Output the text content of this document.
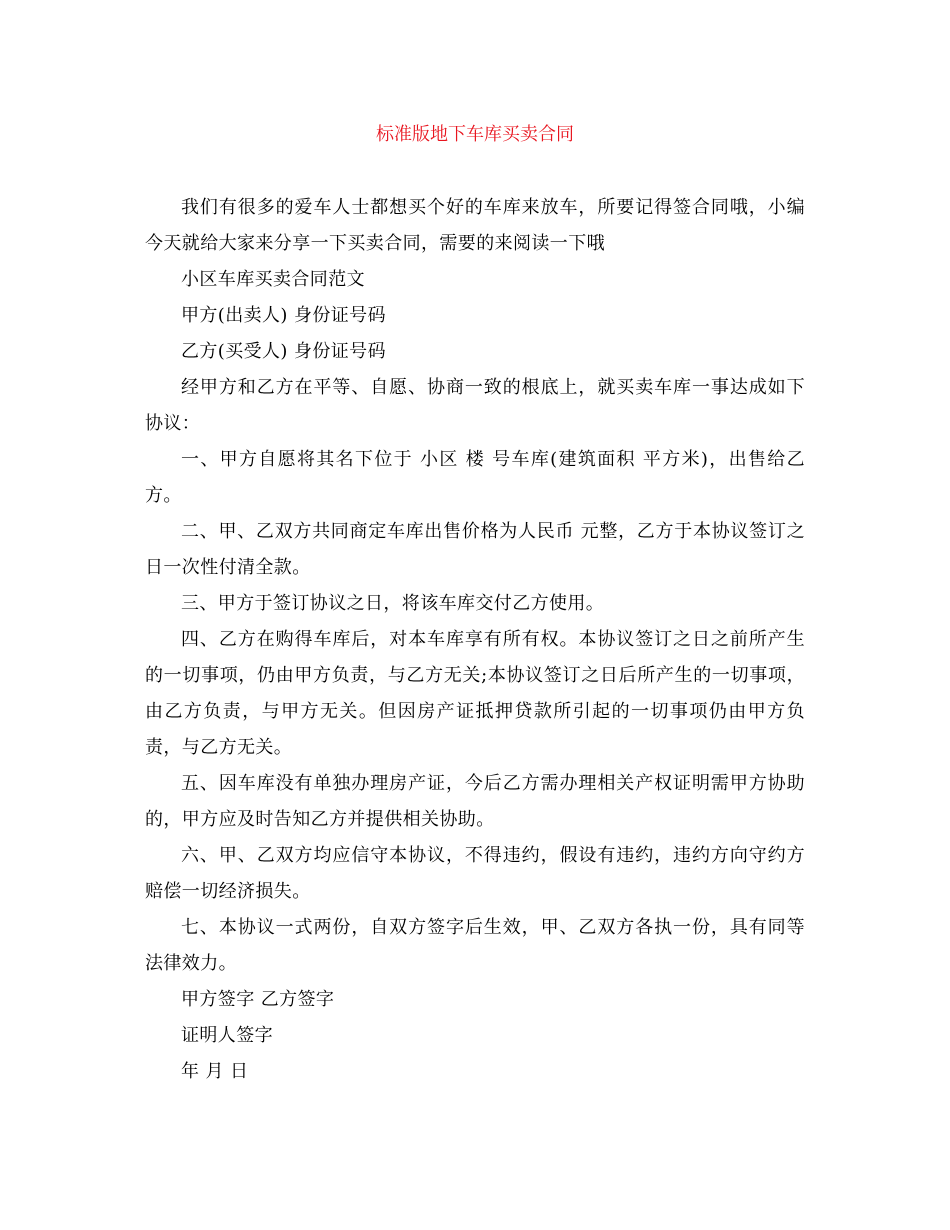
标准版地下车库买卖合同

我们有很多的爱车人士都想买个好的车库来放车，所要记得签合同哦，小编今天就给大家来分享一下买卖合同，需要的来阅读一下哦

小区车库买卖合同范文

甲方(出卖人) 身份证号码

乙方(买受人) 身份证号码

经甲方和乙方在平等、自愿、协商一致的根底上，就买卖车库一事达成如下协议：

一、甲方自愿将其名下位于 小区 楼 号车库(建筑面积 平方米)，出售给乙方。

二、甲、乙双方共同商定车库出售价格为人民币 元整，乙方于本协议签订之日一次性付清全款。

三、甲方于签订协议之日，将该车库交付乙方使用。

四、乙方在购得车库后，对本车库享有所有权。本协议签订之日之前所产生的一切事项，仍由甲方负责，与乙方无关;本协议签订之日后所产生的一切事项，由乙方负责，与甲方无关。但因房产证抵押贷款所引起的一切事项仍由甲方负责，与乙方无关。

五、因车库没有单独办理房产证，今后乙方需办理相关产权证明需甲方协助的，甲方应及时告知乙方并提供相关协助。

六、甲、乙双方均应信守本协议，不得违约，假设有违约，违约方向守约方赔偿一切经济损失。

七、本协议一式两份，自双方签字后生效，甲、乙双方各执一份，具有同等法律效力。

甲方签字 乙方签字

证明人签字

年 月 日
